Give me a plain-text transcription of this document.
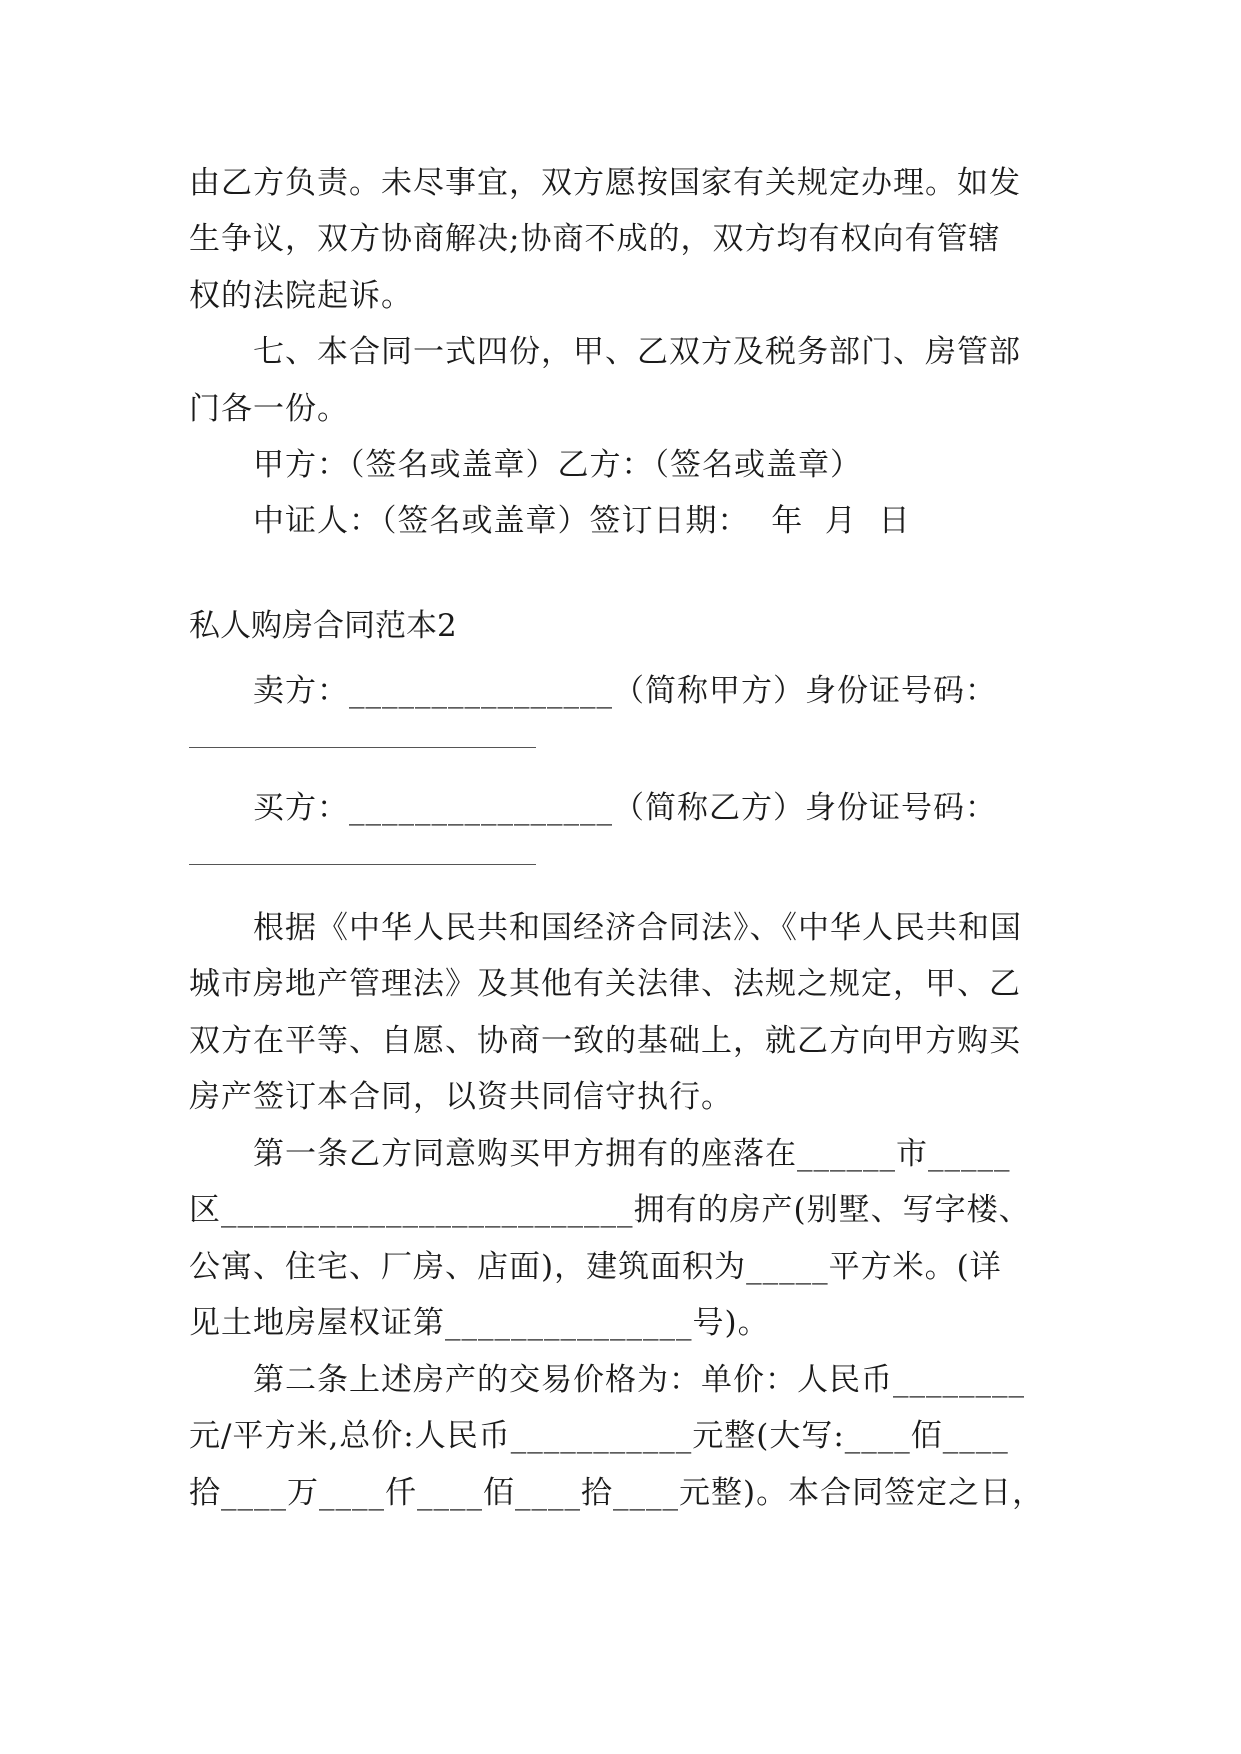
由乙方负责。未尽事宜，双方愿按国家有关规定办理。如发
生争议，双方协商解决;协商不成的，双方均有权向有管辖
权的法院起诉。
七、本合同一式四份，甲、乙双方及税务部门、房管部
门各一份。
甲方：（签名或盖章）乙方：（签名或盖章）
中证人：（签名或盖章）签订日期：  年  月  日
私人购房合同范本2
卖方：________________（简称甲方）身份证号码：
买方：________________（简称乙方）身份证号码：
根据《中华人民共和国经济合同法》、《中华人民共和国
城市房地产管理法》及其他有关法律、法规之规定，甲、乙
双方在平等、自愿、协商一致的基础上，就乙方向甲方购买
房产签订本合同，以资共同信守执行。
第一条乙方同意购买甲方拥有的座落在______市_____
区_________________________拥有的房产(别墅、写字楼、
公寓、住宅、厂房、店面)，建筑面积为_____平方米。(详
见土地房屋权证第_______________号)。
第二条上述房产的交易价格为：单价：人民币________
元/平方米,总价:人民币___________元整(大写:____佰____
拾____万____仟____佰____拾____元整)。本合同签定之日，
